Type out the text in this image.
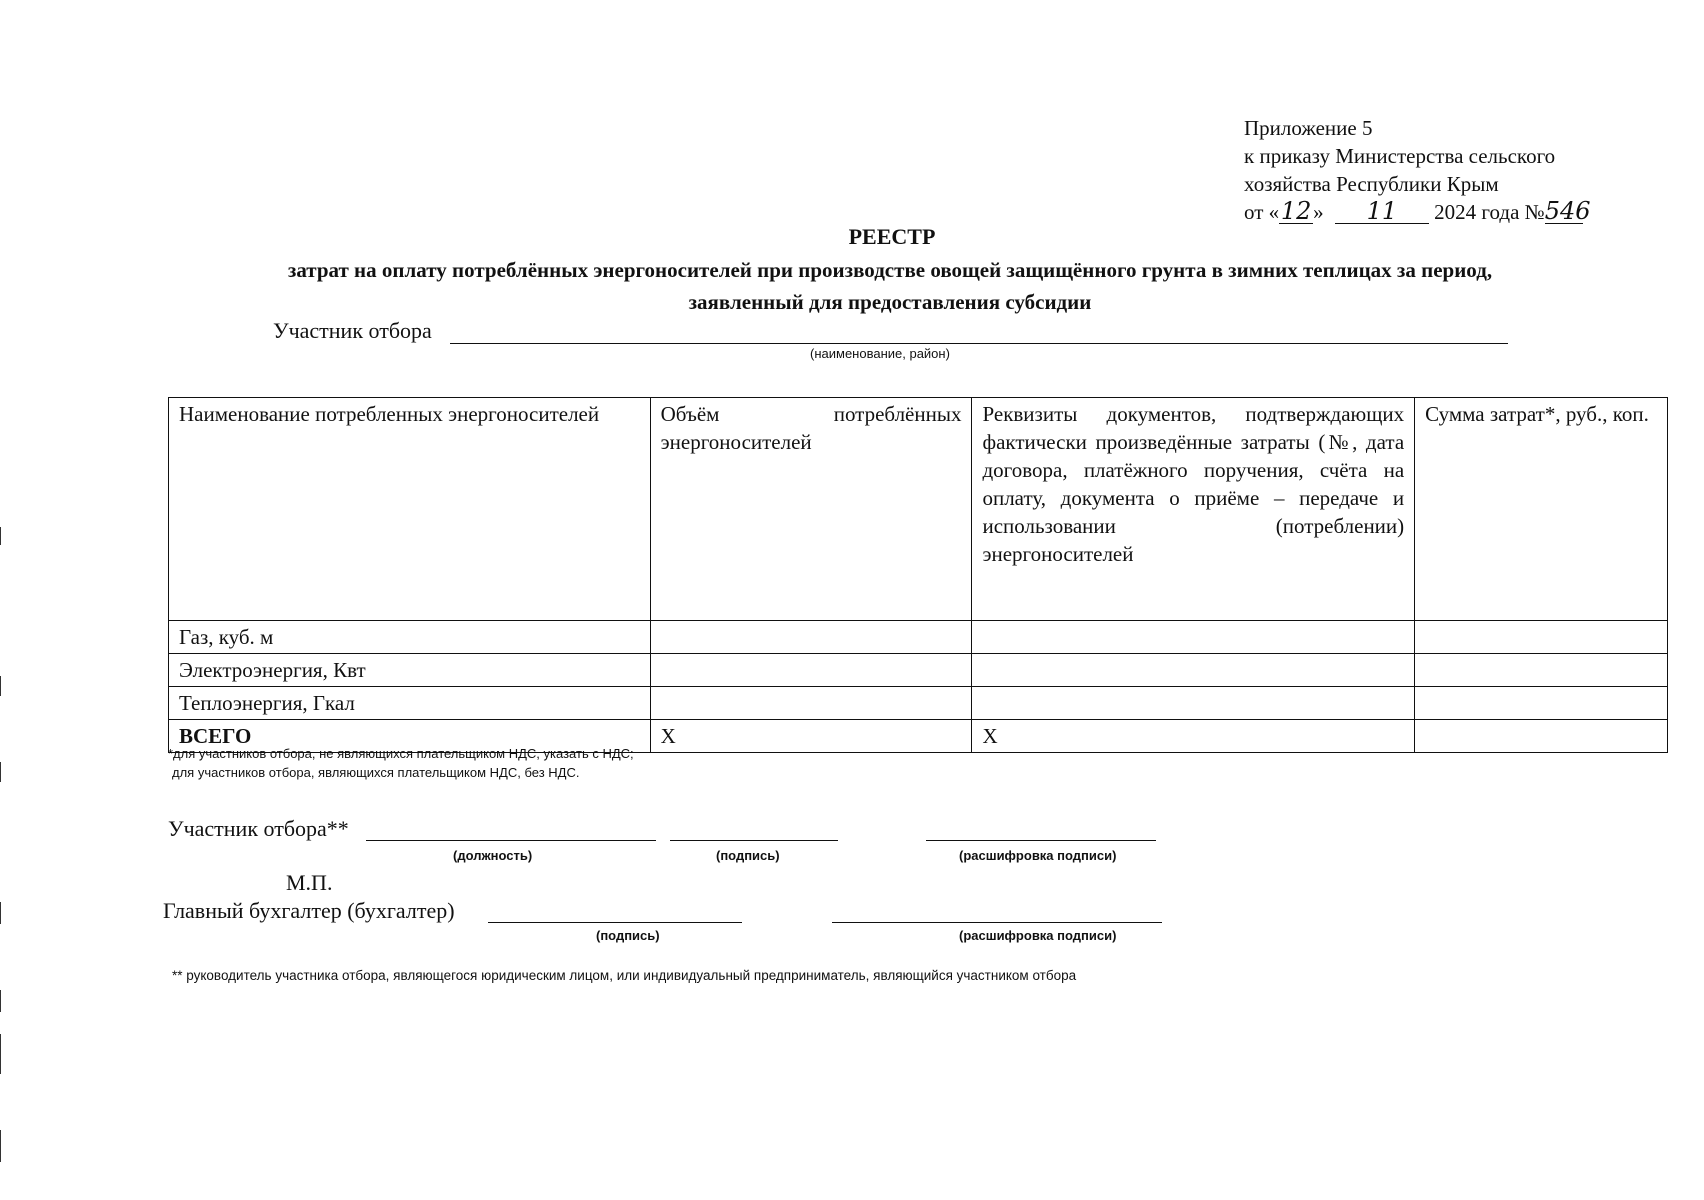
Приложение 5
к приказу Министерства сельского
хозяйства Республики Крым
от «12» 11 2024 года №546
РЕЕСТР
затрат на оплату потреблённых энергоносителей при производстве овощей защищённого грунта в зимних теплицах за период,
заявленный для предоставления субсидии
Участник отбора
(наименование, район)
Наименование потребленных энергоносителей	Объём потреблённых энергоносителей	Реквизиты документов, подтверждающих фактически произведённые затраты (№, дата договора, платёжного поручения, счёта на оплату, документа о приёме – передаче и использовании (потреблении) энергоносителей	Сумма затрат*, руб., коп.
Газ, куб. м			
Электроэнергия, Квт			
Теплоэнергия, Гкал			
ВСЕГО	Х	Х	
*для участников отбора, не являющихся плательщиком НДС, указать с НДС;
для участников отбора, являющихся плательщиком НДС, без НДС.
Участник отбора**
(должность)	(подпись)	(расшифровка подписи)
М.П.
Главный бухгалтер (бухгалтер)
(подпись)	(расшифровка подписи)
** руководитель участника отбора, являющегося юридическим лицом, или индивидуальный предприниматель, являющийся участником отбора
